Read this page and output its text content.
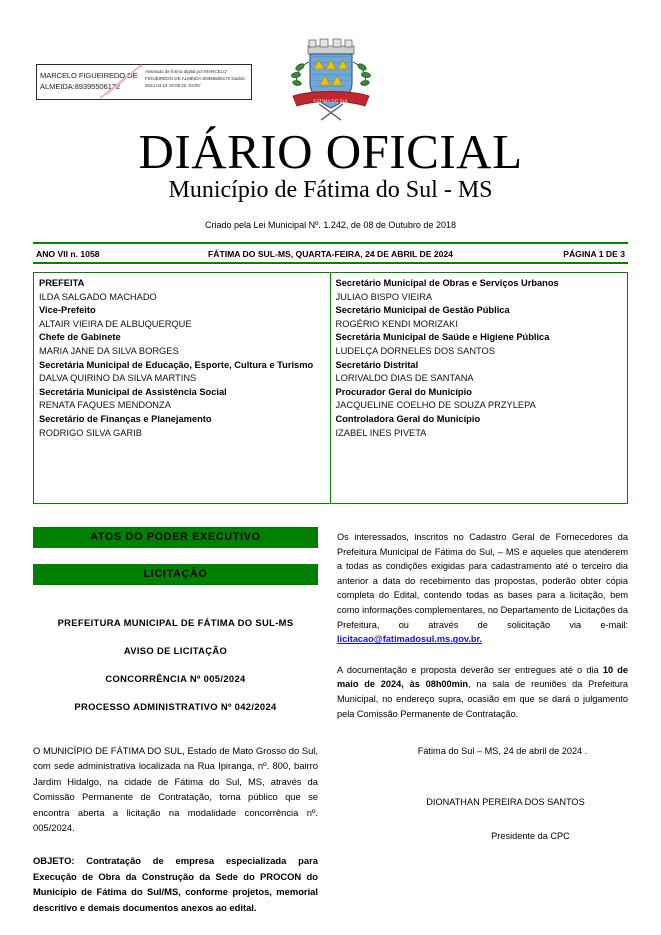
MARCELO FIGUEIREDO DE ALMEIDA:89395506172
Assinado de forma digital por MARCELO FIGUEIREDO DE ALMEIDA:89395506172 Dados: 2024.04.24 19:05:22 -04'00'
FÁTIMA DO SUL
DIÁRIO OFICIAL
Município de Fátima do Sul - MS
Criado pela Lei Municipal Nº. 1.242, de 08 de Outubro de 2018
ANO VII n. 1058	FÁTIMA DO SUL-MS, QUARTA-FEIRA, 24 DE ABRIL DE 2024	PÁGINA 1 DE 3
PREFEITA
ILDA SALGADO MACHADO
Vice-Prefeito
ALTAIR VIEIRA DE ALBUQUERQUE
Chefe de Gabinete
MARIA JANE DA SILVA BORGES
Secretária Municipal de Educação, Esporte, Cultura e Turismo
DALVA QUIRINO DA SILVA MARTINS
Secretária Municipal de Assistência Social
RENATA FAQUES MENDONZA
Secretário de Finanças e Planejamento
RODRIGO SILVA GARIB
Secretário Municipal de Obras e Serviços Urbanos
JULIAO BISPO VIEIRA
Secretário Municipal de Gestão Pública
ROGÉRIO KENDI MORIZAKI
Secretária Municipal de Saúde e Higiene Pública
LUDELÇA DORNELES DOS SANTOS
Secretário Distrital
LORIVALDO DIAS DE SANTANA
Procurador Geral do Município
JACQUELINE COELHO DE SOUZA PRZYLEPA
Controladora Geral do Município
IZABEL INES PIVETA
ATOS DO PODER EXECUTIVO
LICITAÇÃO
PREFEITURA MUNICIPAL DE FÁTIMA DO SUL-MS
AVISO DE LICITAÇÃO
CONCORRÊNCIA Nº 005/2024
PROCESSO ADMINISTRATIVO Nº 042/2024
O MUNICÍPIO DE FÁTIMA DO SUL, Estado de Mato Grosso do Sul, com sede administrativa localizada na Rua Ipiranga, nº. 800, bairro Jardim Hidalgo, na cidade de Fátima do Sul, MS, através da Comissão Permanente de Contratação, torna público que se encontra aberta a licitação na modalidade concorrência nº. 005/2024.
OBJETO: Contratação de empresa especializada para Execução de Obra da Construção da Sede do PROCON do Município de Fátima do Sul/MS, conforme projetos, memorial descritivo e demais documentos anexos ao edital.
Os interessados, inscritos no Cadastro Geral de Fornecedores da Prefeitura Municipal de Fátima do Sul, – MS e aqueles que atenderem a todas as condições exigidas para cadastramento até o terceiro dia anterior a data do recebimento das propostas, poderão obter cópia completa do Edital, contendo todas as bases para a licitação, bem como informações complementares, no Departamento de Licitações da Prefeitura, ou através de solicitação via e-mail: licitacao@fatimadosul.ms.gov.br.
A documentação e proposta deverão ser entregues até o dia 10 de maio de 2024, às 08h00min, na sala de reuniões da Prefeitura Municipal, no endereço supra, ocasião em que se dará o julgamento pela Comissão Permanente de Contratação.
Fátima do Sul – MS, 24 de abril de 2024 .
DIONATHAN PEREIRA DOS SANTOS
Presidente da CPC
